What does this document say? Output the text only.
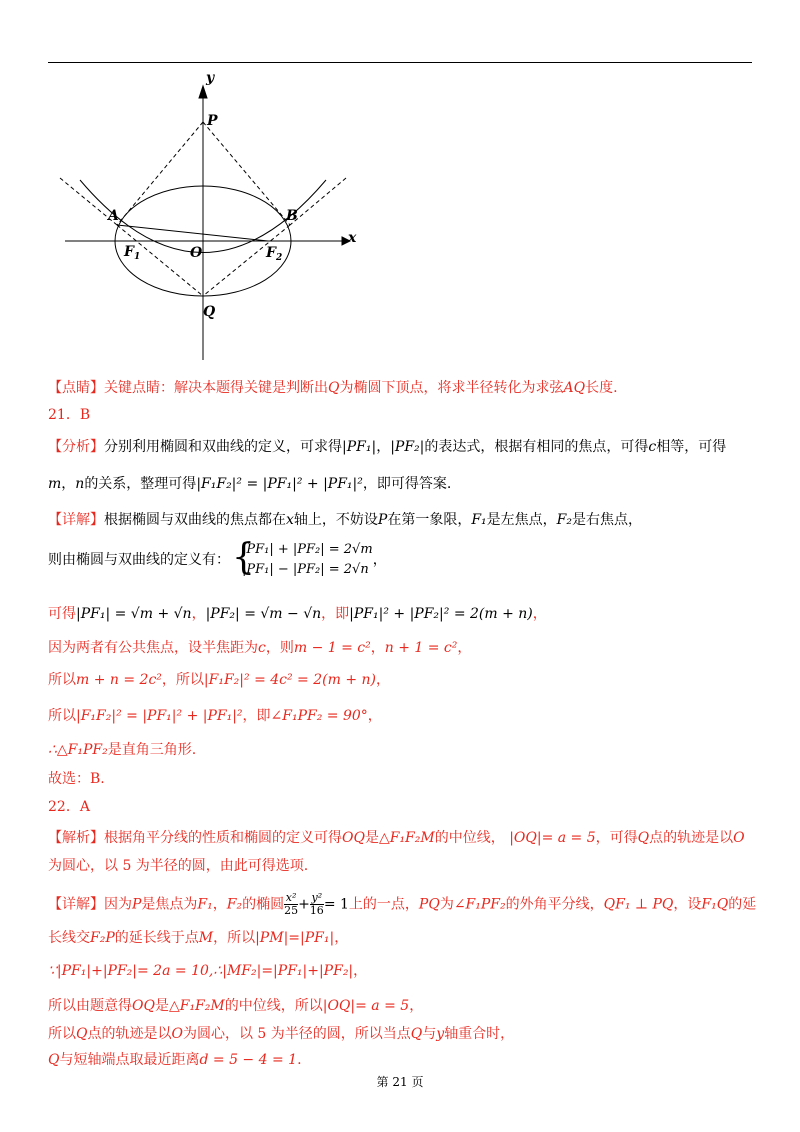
y
x
P
A	B
O
$F_1$	$F_2$
Q
【点睛】关键点睛：解决本题得关键是判断出Q为椭圆下顶点，将求半径转化为求弦AQ长度.
21．B
【分析】分别利用椭圆和双曲线的定义，可求得|PF₁|，|PF₂|的表达式，根据有相同的焦点，可得c相等，可得
m，n的关系，整理可得|F₁F₂|² = |PF₁|² + |PF₁|²，即可得答案.
【详解】根据椭圆与双曲线的焦点都在x轴上，不妨设P在第一象限，F₁是左焦点，F₂是右焦点，
则由椭圆与双曲线的定义有： {
|PF₁| + |PF₂| = 2√m
|PF₁| − |PF₂| = 2√n
，
可得|PF₁| = √m + √n，|PF₂| = √m − √n，即|PF₁|² + |PF₂|² = 2(m + n)，
因为两者有公共焦点，设半焦距为c，则m − 1 = c²，n + 1 = c²，
所以m + n = 2c²，所以|F₁F₂|² = 4c² = 2(m + n)，
所以|F₁F₂|² = |PF₁|² + |PF₁|²，即∠F₁PF₂ = 90°，
∴△F₁PF₂是直角三角形.
故选：B.
22．A
【解析】根据角平分线的性质和椭圆的定义可得OQ是△F₁F₂M的中位线， |OQ|= a = 5，可得Q点的轨迹是以O
为圆心，以 5 为半径的圆，由此可得选项.
【详解】因为P是焦点为F₁，F₂的椭圆 $\frac{\text{x²}}{25} + \frac{\text{y²}}{16} = 1$上的一点，PQ为∠F₁PF₂的外角平分线，QF₁ ⊥ PQ，设F₁Q的延
长线交F₂P的延长线于点M，所以|PM|=|PF₁|，
∵|PF₁|+|PF₂|= 2a = 10,∴|MF₂|=|PF₁|+|PF₂|，
所以由题意得OQ是△F₁F₂M的中位线，所以|OQ|= a = 5，
所以Q点的轨迹是以O为圆心，以 5 为半径的圆，所以当点Q与y轴重合时，
Q与短轴端点取最近距离d = 5 − 4 = 1.
第 21 页
